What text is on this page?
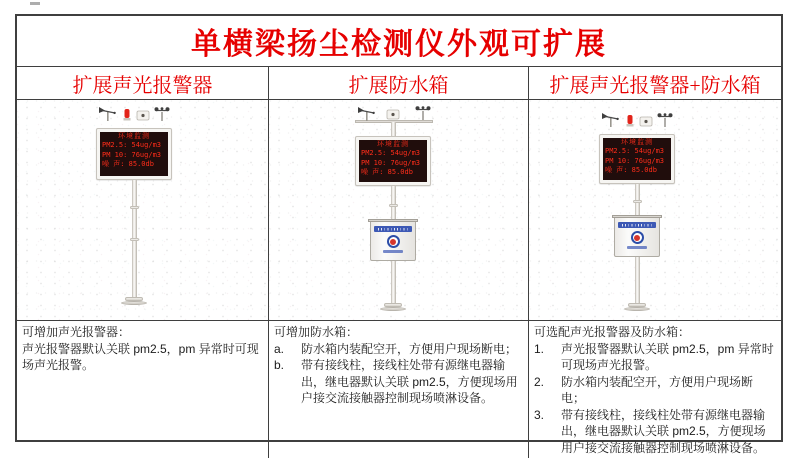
单横梁扬尘检测仪外观可扩展
扩展声光报警器	扩展防水箱	扩展声光报警器+防水箱
环境监测
PM2.5: 54ug/m3
PM 10: 76ug/m3
噪 声: 85.0db
环境监测
PM2.5: 54ug/m3
PM 10: 76ug/m3
噪 声: 85.0db
环境监测
PM2.5: 54ug/m3
PM 10: 76ug/m3
噪 声: 85.0db
可增加声光报警器：
声光报警器默认关联 pm2.5，pm 异常时可现场声光报警。
可增加防水箱：
a.	防水箱内装配空开，方便用户现场断电；
b.	带有接线柱，接线柱处带有源继电器输出，继电器默认关联 pm2.5，方便现场用户接交流接触器控制现场喷淋设备。
可选配声光报警器及防水箱：
1.	声光报警器默认关联 pm2.5，pm 异常时可现场声光报警。
2.	防水箱内装配空开，方便用户现场断电；
3.	带有接线柱，接线柱处带有源继电器输出，继电器默认关联 pm2.5，方便现场用户接交流接触器控制现场喷淋设备。
